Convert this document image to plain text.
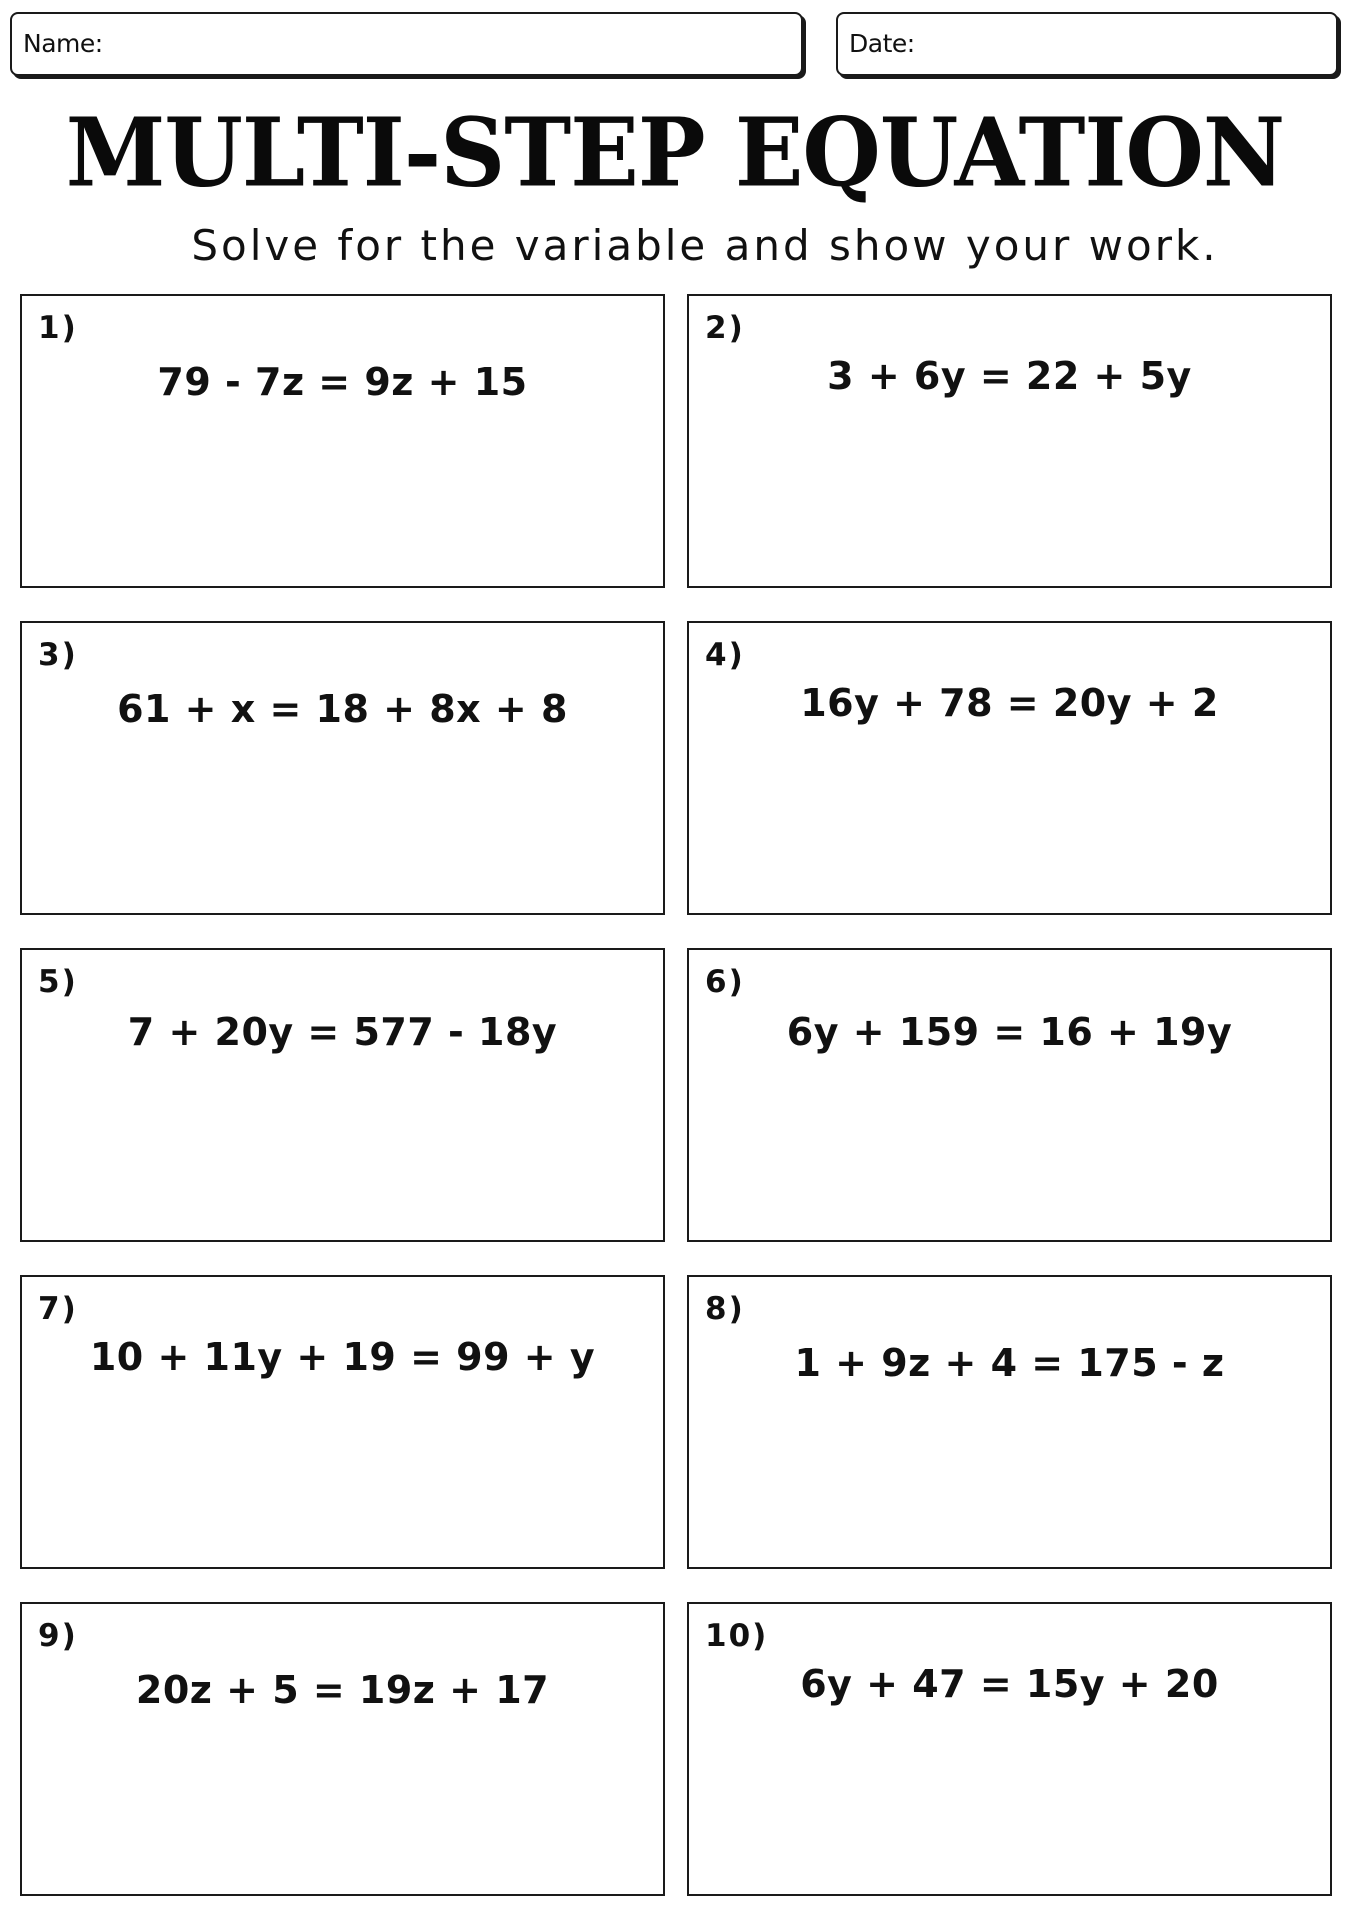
Name:	Date:
MULTI-STEP EQUATION
Solve for the variable and show your work.
1)
79 - 7z = 9z + 15
2)
3 + 6y = 22 + 5y
3)
61 + x = 18 + 8x + 8
4)
16y + 78 = 20y + 2
5)
7 + 20y = 577 - 18y
6)
6y + 159 = 16 + 19y
7)
10 + 11y + 19 = 99 + y
8)
1 + 9z + 4 = 175 - z
9)
20z + 5 = 19z + 17
10)
6y + 47 = 15y + 20
